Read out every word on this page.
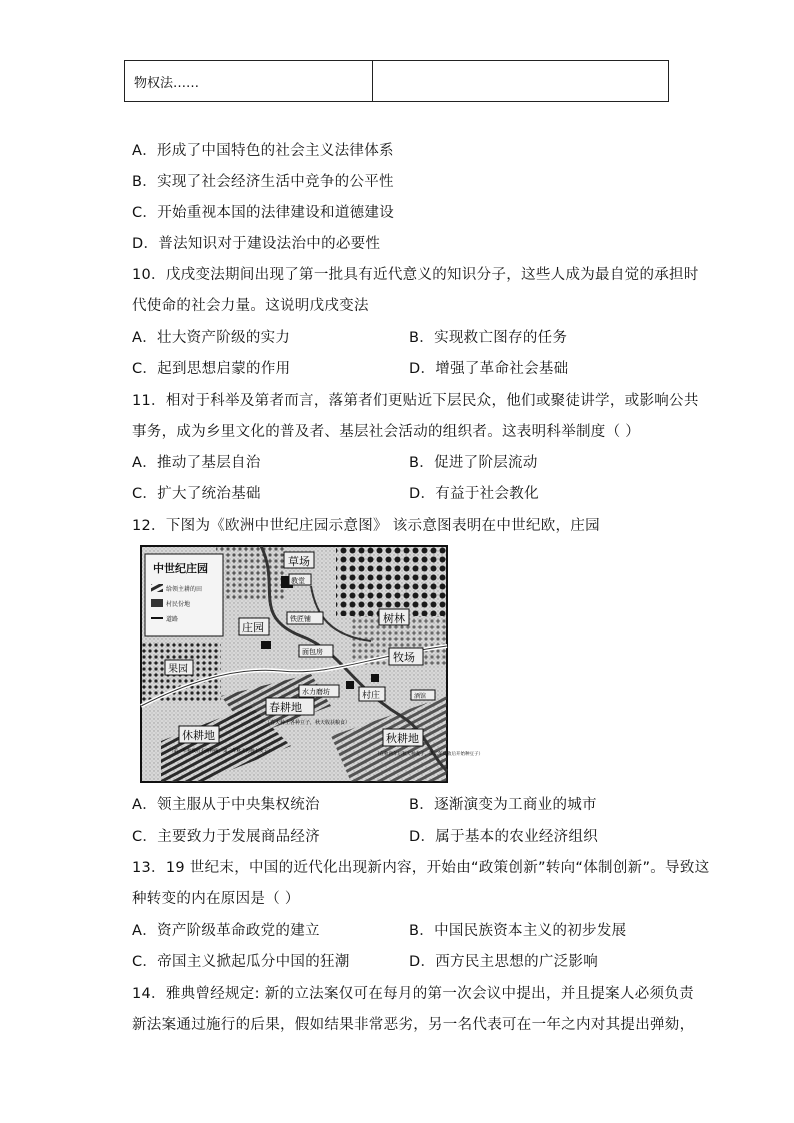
物权法……	
A．形成了中国特色的社会主义法律体系
B．实现了社会经济生活中竞争的公平性
C．开始重视本国的法律建设和道德建设
D．普法知识对于建设法治中的必要性
10．戊戌变法期间出现了第一批具有近代意义的知识分子，这些人成为最自觉的承担时
代使命的社会力量。这说明戊戌变法
A．壮大资产阶级的实力	B．实现救亡图存的任务
C．起到思想启蒙的作用	D．增强了革命社会基础
11．相对于科举及第者而言，落第者们更贴近下层民众，他们或聚徒讲学，或影响公共
事务，成为乡里文化的普及者、基层社会活动的组织者。这表明科举制度（ ）
A．推动了基层自治	B．促进了阶层流动
C．扩大了统治基础	D．有益于社会教化
12．下图为《欧洲中世纪庄园示意图》 该示意图表明在中世纪欧，庄园
中世纪庄园
给领主耕的田
村民份地
道路
草场
教堂
铁匠铺
庄园
树林
面包房	牧场
果园
水力磨坊	村庄	酒馆
春耕地
（春天种上各种豆子，秋天收获粮食）
休耕地
（第一年秋收后不再种植，第二年秋天再种上麦子）
秋耕地
（在秋两年后秋天种麦子，第二年夏收后开始种豆子）
A．领主服从于中央集权统治	B．逐渐演变为工商业的城市
C．主要致力于发展商品经济	D．属于基本的农业经济组织
13．19 世纪末，中国的近代化出现新内容，开始由“政策创新”转向“体制创新”。导致这
种转变的内在原因是（ ）
A．资产阶级革命政党的建立	B．中国民族资本主义的初步发展
C．帝国主义掀起瓜分中国的狂潮	D．西方民主思想的广泛影响
14．雅典曾经规定: 新的立法案仅可在每月的第一次会议中提出，并且提案人必须负责
新法案通过施行的后果，假如结果非常恶劣，另一名代表可在一年之内对其提出弹劾，
